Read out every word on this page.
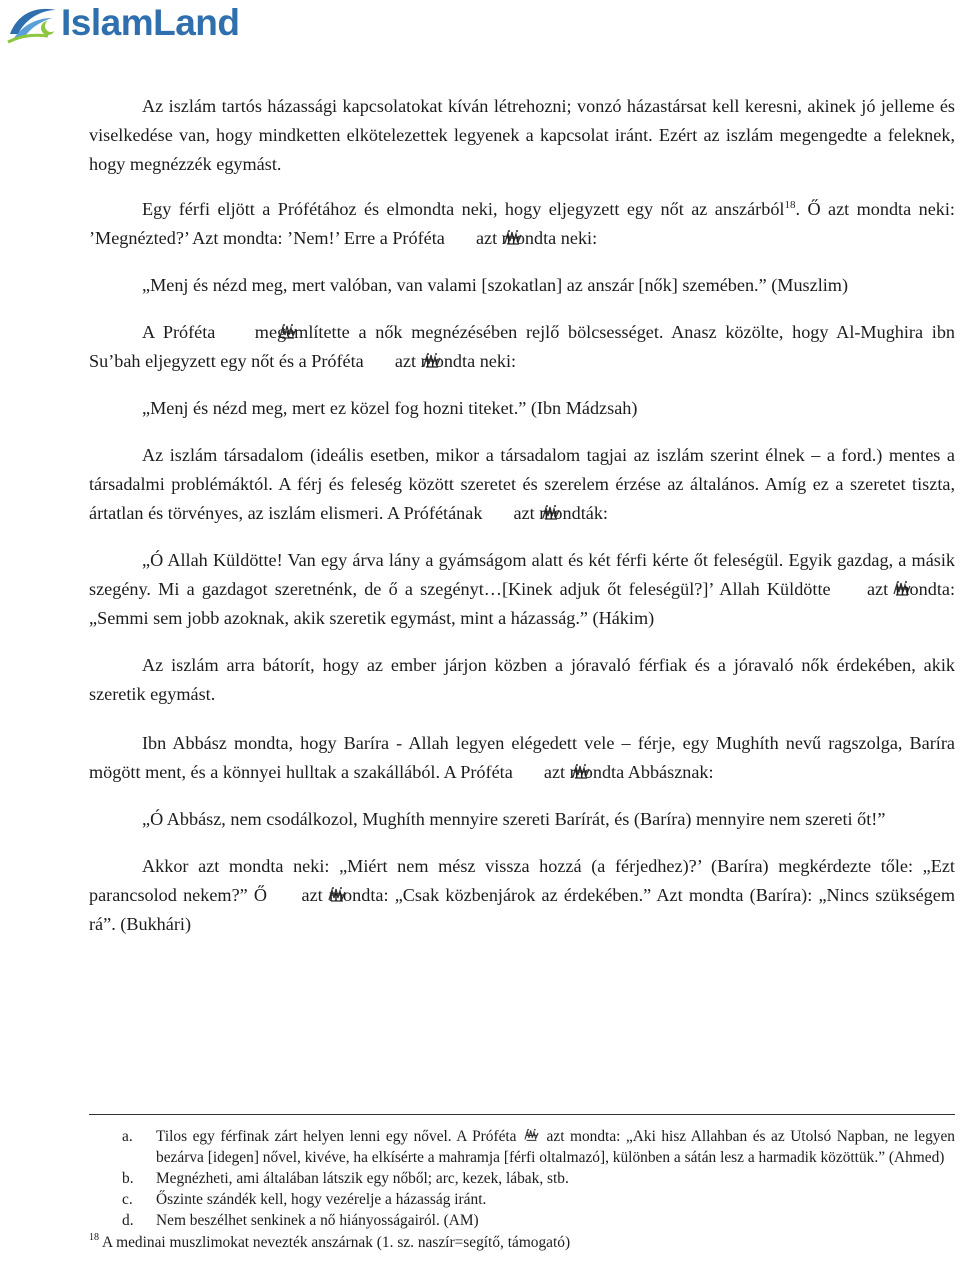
IslamLand

Az iszlám tartós házassági kapcsolatokat kíván létrehozni; vonzó házastársat kell keresni, akinek jó jelleme és viselkedése van, hogy mindketten elkötelezettek legyenek a kapcsolat iránt. Ezért az iszlám megengedte a feleknek, hogy megnézzék egymást.

Egy férfi eljött a Prófétához és elmondta neki, hogy eljegyzett egy nőt az anszárból$^{18}$. Ő azt mondta neki: ’Megnézted?’ Azt mondta: ’Nem!’ Erre a Próféta azt mondta neki:

„Menj és nézd meg, mert valóban, van valami [szokatlan] az anszár [nők] szemében.” (Muszlim)

A Próféta megemlítette a nők megnézésében rejlő bölcsességet. Anasz közölte, hogy Al-Mughira ibn Su’bah eljegyzett egy nőt és a Próféta azt mondta neki:

„Menj és nézd meg, mert ez közel fog hozni titeket.” (Ibn Mádzsah)

Az iszlám társadalom (ideális esetben, mikor a társadalom tagjai az iszlám szerint élnek – a ford.) mentes a társadalmi problémáktól. A férj és feleség között szeretet és szerelem érzése az általános. Amíg ez a szeretet tiszta, ártatlan és törvényes, az iszlám elismeri. A Prófétának azt mondták:

„Ó Allah Küldötte! Van egy árva lány a gyámságom alatt és két férfi kérte őt feleségül. Egyik gazdag, a másik szegény. Mi a gazdagot szeretnénk, de ő a szegényt…[Kinek adjuk őt feleségül?]’ Allah Küldötte azt mondta: „Semmi sem jobb azoknak, akik szeretik egymást, mint a házasság.” (Hákim)

Az iszlám arra bátorít, hogy az ember járjon közben a jóravaló férfiak és a jóravaló nők érdekében, akik szeretik egymást.

Ibn Abbász mondta, hogy Baríra - Allah legyen elégedett vele – férje, egy Mughíth nevű ragszolga, Baríra mögött ment, és a könnyei hulltak a szakállából. A Próféta azt mondta Abbásznak:

„Ó Abbász, nem csodálkozol, Mughíth mennyire szereti Barírát, és (Baríra) mennyire nem szereti őt!”

Akkor azt mondta neki: „Miért nem mész vissza hozzá (a férjedhez)?’ (Baríra) megkérdezte tőle: „Ezt parancsolod nekem?” Ő azt mondta: „Csak közbenjárok az érdekében.” Azt mondta (Baríra): „Nincs szükségem rá”. (Bukhári)

a. Tilos egy férfinak zárt helyen lenni egy nővel. A Próféta azt mondta: „Aki hisz Allahban és az Utolsó Napban, ne legyen bezárva [idegen] nővel, kivéve, ha elkísérte a mahramja [férfi oltalmazó], különben a sátán lesz a harmadik közöttük.” (Ahmed)
b. Megnézheti, ami általában látszik egy nőből; arc, kezek, lábak, stb.
c. Őszinte szándék kell, hogy vezérelje a házasság iránt.
d. Nem beszélhet senkinek a nő hiányosságairól. (AM)
$^{18}$ A medinai muszlimokat nevezték anszárnak (1. sz. naszír=segítő, támogató)
